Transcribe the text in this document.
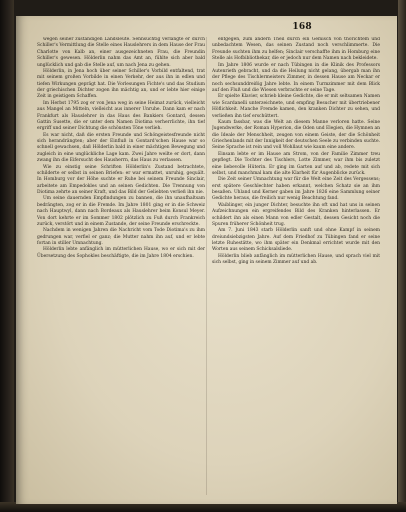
168

wegen seiner zuständigen Landsleute. Sehnsüchtig verlangte er durch Schiller's Vermittlung die Stelle eines Hauslehrers in dem Hause der Frau Charlotte von Kalb an, einer ausgezeichneten Frau, die Freundin Schiller's gewesen. Hölderlin nahm das Amt an, fühlte sich aber bald unglücklich und gab die Stelle auf, um nach Jena zu gehen.

Hölderlin, in Jena hoch über seiner Schiller's Vorbild entfaltend, trat mit seinem großen Vorbilde in einen Verkehr, der aus ihn in edlen und tiefen Wirkungen geprägt hat. Die Vorlesungen Fichte's und das Studium der griechischen Dichter zogen ihn mächtig an, und er lebte hier einige Zeit in geistigem Schaffen.

Im Herbst 1795 zog er von Jena weg in seine Heimat zurück, vielleicht aus Mangel an Mitteln, vielleicht aus innerer Unruhe. Dann kam er nach Frankfurt als Hauslehrer in das Haus des Bankiers Gontard, dessen Gattin Susette, die er unter dem Namen Diotima verherrlichte, ihn tief ergriff und seiner Dichtung die schönsten Töne verlieh.

Es war nicht, daß die ersten Freunde und Schöngeistesfreunde nicht sich herandrängten; aber der Einfluß in Gontard'schen Hause war so schnell gewachsen, daß Hölderlin bald in einer mächtigen Bewegung und zugleich in eine unglückliche Lage kam. Zwei Jahre weilte er dort, dann zwang ihn die Eifersucht des Hausherrn, das Haus zu verlassen.

Wie zu einstig seine Schriften Hölderlin's Zustand betrachtete, schilderte er selbst in seinen Briefen: er war ermattet, unruhig, gequält. In Homburg vor der Höhe suchte er Ruhe bei seinem Freunde Sinclair, arbeitete am Empedokles und an seinen Gedichten. Die Trennung von Diotima zehrte an seiner Kraft, und das Bild der Geliebten verließ ihn nie.

Um seine dauernden Empfindungen zu bannen, die ihn unaufhaltsam bedrängten, zog er in die Fremde. Im Jahre 1801 ging er in die Schweiz nach Hauptwyl, dann nach Bordeaux als Hauslehrer beim Konsul Meyer. Von dort kehrte er im Sommer 1802 plötzlich zu Fuß durch Frankreich zurück, verstört und in einem Zustande, der seine Freunde erschreckte.

Nachdem in wenigen Jahren die Nachricht vom Tode Diotima's zu ihm gedrungen war, verfiel er ganz; die Mutter nahm ihn auf, und er lebte fortan in stiller Umnachtung.

Hölderlin lebte anfänglich im mütterlichen Hause, wo er sich mit der Übersetzung des Sophokles beschäftigte, die im Jahre 1804 erschien.

entgegen, zum andern Theil durch ein Gemisch von thörichtem und unbedachtem Wesen, das seinen Zustand noch verschlimmerte. Die Freunde suchten ihm zu helfen; Sinclair verschaffte ihm in Homburg eine Stelle als Hofbibliothekar, die er jedoch nur dem Namen nach bekleidete.

Im Jahre 1806 wurde er nach Tübingen in die Klinik des Professors Autenrieth gebracht, und da die Heilung nicht gelang, übergab man ihn der Pflege des Tischlermeisters Zimmer, in dessen Hause am Neckar er noch sechsunddreißig Jahre lebte. In einem Turmzimmer mit dem Blick auf den Fluß und die Wiesen verbrachte er seine Tage.

Er spielte Klavier, schrieb kleine Gedichte, die er mit seltsamen Namen wie Scardanelli unterzeichnete, und empfing Besucher mit übertriebener Höflichkeit. Manche Fremde kamen, den kranken Dichter zu sehen, und verließen ihn tief erschüttert.

Kaum fassbar, was die Welt an diesem Manne verloren hatte. Seine Jugendwerke, der Roman Hyperion, die Oden und Elegien, die Hymnen an die Ideale der Menschheit, zeugen von einem Geiste, der die Schönheit Griechenlands mit der Innigkeit der deutschen Seele zu verbinden suchte. Seine Sprache ist rein und voll Wohllaut wie kaum eine andere.

Einsam lebte er im Hause am Strom, von der Familie Zimmer treu gepflegt. Die Tochter des Tischlers, Lotte Zimmer, war ihm bis zuletzt eine liebevolle Hüterin. Er ging im Garten auf und ab, redete mit sich selbst, und manchmal kam die alte Klarheit für Augenblicke zurück.

Die Zeit seiner Umnachtung war für die Welt eine Zeit des Vergessens; erst spätere Geschlechter haben erkannt, welchen Schatz sie an ihm besaßen. Uhland und Kerner gaben im Jahre 1826 eine Sammlung seiner Gedichte heraus, die freilich nur wenig Beachtung fand.

Waiblinger, ein junger Dichter, besuchte ihn oft und hat uns in seinen Aufzeichnungen ein ergreifendes Bild des Kranken hinterlassen. Er schildert ihn als einen Mann von edler Gestalt, dessen Gesicht noch die Spuren früherer Schönheit trug.

Am 7. Juni 1843 starb Hölderlin sanft und ohne Kampf in seinem dreiundsiebzigsten Jahre. Auf dem Friedhof zu Tübingen fand er seine letzte Ruhestätte, wo ihm später ein Denkmal errichtet wurde mit den Worten aus seinem Schicksalsliede.

Hölderlin blieb anfänglich im mütterlichen Hause, und sprach viel mit sich selbst, ging in seinem Zimmer auf und ab.
